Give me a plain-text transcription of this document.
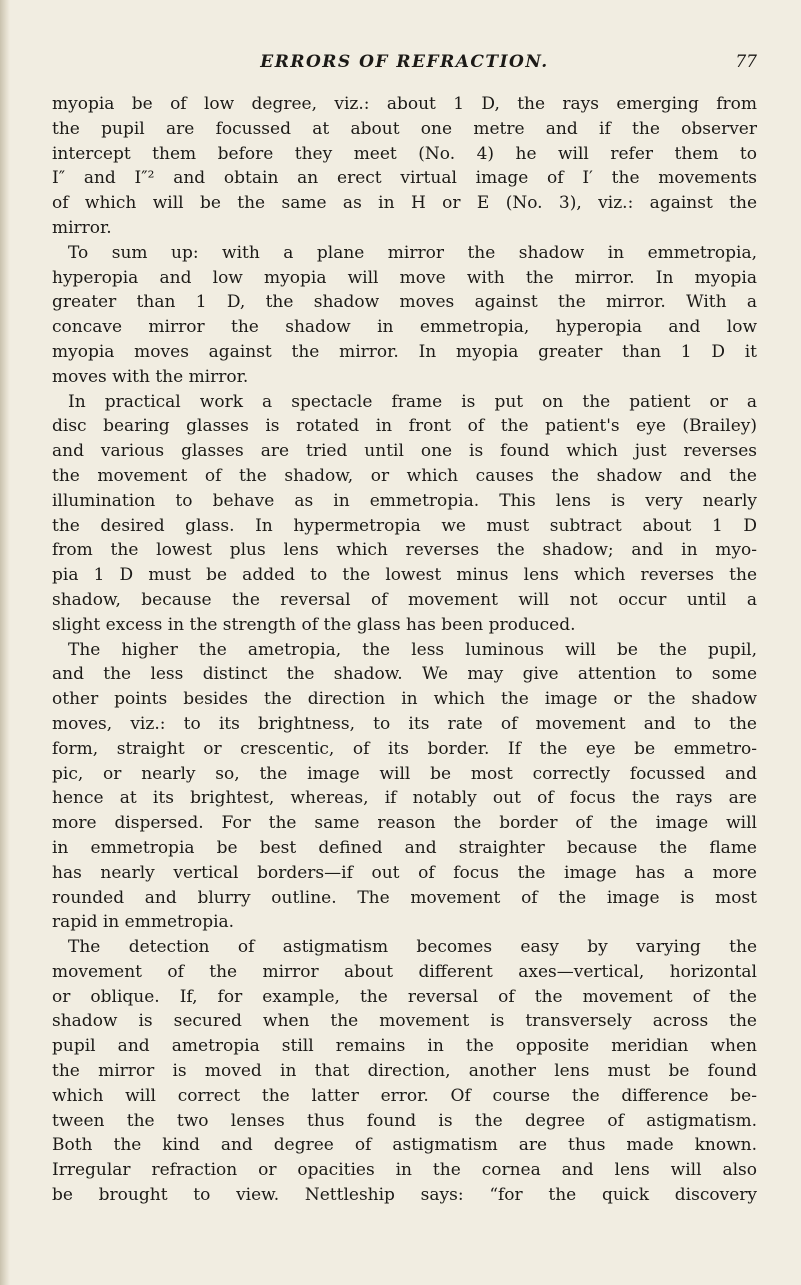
ERRORS OF REFRACTION.	77
myopia be of low degree, viz.: about 1 D, the rays emerging from
the pupil are focussed at about one metre and if the observer
intercept them before they meet (No. 4) he will refer them to
I″ and I″² and obtain an erect virtual image of I′ the movements
of which will be the same as in H or E (No. 3), viz.: against the
mirror.
To sum up: with a plane mirror the shadow in emmetropia,
hyperopia and low myopia will move with the mirror. In myopia
greater than 1 D, the shadow moves against the mirror. With a
concave mirror the shadow in emmetropia, hyperopia and low
myopia moves against the mirror. In myopia greater than 1 D it
moves with the mirror.
In practical work a spectacle frame is put on the patient or a
disc bearing glasses is rotated in front of the patient's eye (Brailey)
and various glasses are tried until one is found which just reverses
the movement of the shadow, or which causes the shadow and the
illumination to behave as in emmetropia. This lens is very nearly
the desired glass. In hypermetropia we must subtract about 1 D
from the lowest plus lens which reverses the shadow; and in myo-
pia 1 D must be added to the lowest minus lens which reverses the
shadow, because the reversal of movement will not occur until a
slight excess in the strength of the glass has been produced.
The higher the ametropia, the less luminous will be the pupil,
and the less distinct the shadow. We may give attention to some
other points besides the direction in which the image or the shadow
moves, viz.: to its brightness, to its rate of movement and to the
form, straight or crescentic, of its border. If the eye be emmetro-
pic, or nearly so, the image will be most correctly focussed and
hence at its brightest, whereas, if notably out of focus the rays are
more dispersed. For the same reason the border of the image will
in emmetropia be best defined and straighter because the flame
has nearly vertical borders—if out of focus the image has a more
rounded and blurry outline. The movement of the image is most
rapid in emmetropia.
The detection of astigmatism becomes easy by varying the
movement of the mirror about different axes—vertical, horizontal
or oblique. If, for example, the reversal of the movement of the
shadow is secured when the movement is transversely across the
pupil and ametropia still remains in the opposite meridian when
the mirror is moved in that direction, another lens must be found
which will correct the latter error. Of course the difference be-
tween the two lenses thus found is the degree of astigmatism.
Both the kind and degree of astigmatism are thus made known.
Irregular refraction or opacities in the cornea and lens will also
be brought to view. Nettleship says: “for the quick discovery
